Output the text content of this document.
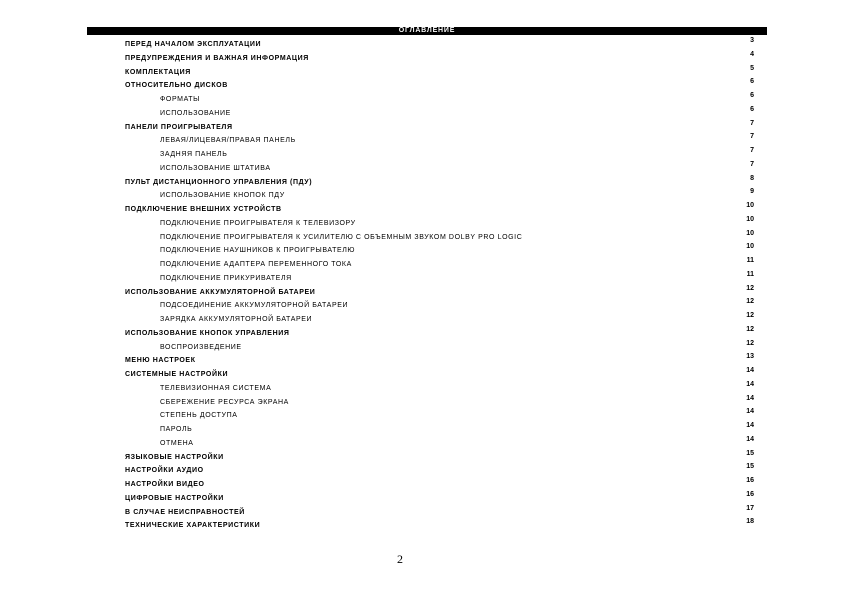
ОГЛАВЛЕНИЕ
ПЕРЕД НАЧАЛОМ ЭКСПЛУАТАЦИИ
3
ПРЕДУПРЕЖДЕНИЯ И ВАЖНАЯ ИНФОРМАЦИЯ
4
КОМПЛЕКТАЦИЯ
5
ОТНОСИТЕЛЬНО ДИСКОВ
6
ФОРМАТЫ
6
ИСПОЛЬЗОВАНИЕ
6
ПАНЕЛИ ПРОИГРЫВАТЕЛЯ
7
ЛЕВАЯ/ЛИЦЕВАЯ/ПРАВАЯ ПАНЕЛЬ
7
ЗАДНЯЯ ПАНЕЛЬ
7
ИСПОЛЬЗОВАНИЕ ШТАТИВА
7
ПУЛЬТ ДИСТАНЦИОННОГО УПРАВЛЕНИЯ (ПДУ)
8
ИСПОЛЬЗОВАНИЕ КНОПОК ПДУ
9
ПОДКЛЮЧЕНИЕ ВНЕШНИХ УСТРОЙСТВ
10
ПОДКЛЮЧЕНИЕ ПРОИГРЫВАТЕЛЯ К ТЕЛЕВИЗОРУ
10
ПОДКЛЮЧЕНИЕ ПРОИГРЫВАТЕЛЯ К УСИЛИТЕЛЮ С ОБЪЕМНЫМ ЗВУКОМ DOLBY PRO LOGIC
10
ПОДКЛЮЧЕНИЕ НАУШНИКОВ К ПРОИГРЫВАТЕЛЮ
10
ПОДКЛЮЧЕНИЕ АДАПТЕРА ПЕРЕМЕННОГО ТОКА
11
ПОДКЛЮЧЕНИЕ ПРИКУРИВАТЕЛЯ
11
ИСПОЛЬЗОВАНИЕ АККУМУЛЯТОРНОЙ БАТАРЕИ
12
ПОДСОЕДИНЕНИЕ АККУМУЛЯТОРНОЙ БАТАРЕИ
12
ЗАРЯДКА АККУМУЛЯТОРНОЙ БАТАРЕИ
12
ИСПОЛЬЗОВАНИЕ КНОПОК УПРАВЛЕНИЯ
12
ВОСПРОИЗВЕДЕНИЕ
12
МЕНЮ НАСТРОЕК
13
СИСТЕМНЫЕ НАСТРОЙКИ
14
ТЕЛЕВИЗИОННАЯ СИСТЕМА
14
СБЕРЕЖЕНИЕ РЕСУРСА ЭКРАНА
14
СТЕПЕНЬ ДОСТУПА
14
ПАРОЛЬ
14
ОТМЕНА
14
ЯЗЫКОВЫЕ НАСТРОЙКИ
15
НАСТРОЙКИ АУДИО
15
НАСТРОЙКИ ВИДЕО
16
ЦИФРОВЫЕ НАСТРОЙКИ
16
В СЛУЧАЕ НЕИСПРАВНОСТЕЙ
17
ТЕХНИЧЕСКИЕ ХАРАКТЕРИСТИКИ
18
2
